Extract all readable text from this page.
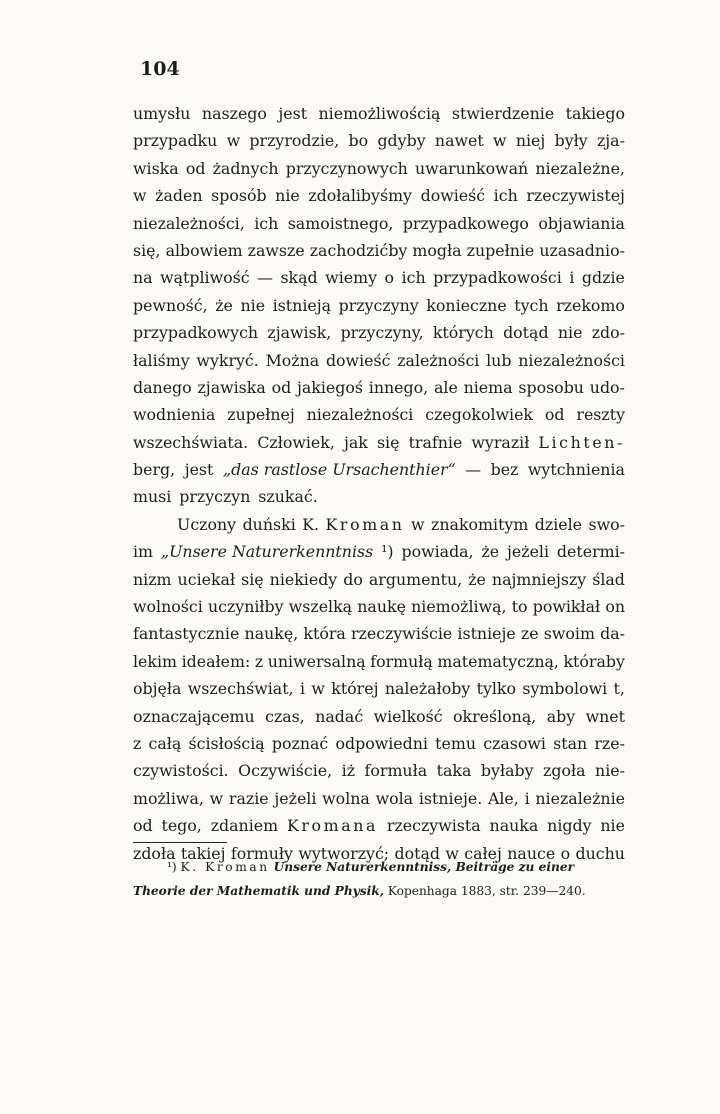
104
umysłu naszego jest niemożliwością stwierdzenie takiego
przypadku w przyrodzie, bo gdyby nawet w niej były zja-
wiska od żadnych przyczynowych uwarunkowań niezależne,
w żaden sposób nie zdołalibyśmy dowieść ich rzeczywistej
niezależności, ich samoistnego, przypadkowego objawiania
się, albowiem zawsze zachodzićby mogła zupełnie uzasadnio-
na wątpliwość — skąd wiemy o ich przypadkowości i gdzie
pewność, że nie istnieją przyczyny konieczne tych rzekomo
przypadkowych zjawisk, przyczyny, których dotąd nie zdo-
łaliśmy wykryć. Można dowieść zależności lub niezależności
danego zjawiska od jakiegoś innego, ale niema sposobu udo-
wodnienia zupełnej niezależności czegokolwiek od reszty
wszechświata. Człowiek, jak się trafnie wyraził Lichten-
berg, jest „das rastlose Ursachenthier“ — bez wytchnienia
musi przyczyn szukać.
Uczony duński K. Kroman w znakomitym dziele swo-
im „Unsere Naturerkenntniss ¹) powiada, że jeżeli determi-
nizm uciekał się niekiedy do argumentu, że najmniejszy ślad
wolności uczyniłby wszelką naukę niemożliwą, to powikłał on
fantastycznie naukę, która rzeczywiście istnieje ze swoim da-
lekim ideałem: z uniwersalną formułą matematyczną, któraby
objęła wszechświat, i w której należałoby tylko symbolowi t,
oznaczającemu czas, nadać wielkość określoną, aby wnet
z całą ścisłością poznać odpowiedni temu czasowi stan rze-
czywistości. Oczywiście, iż formuła taka byłaby zgoła nie-
możliwa, w razie jeżeli wolna wola istnieje. Ale, i niezależnie
od tego, zdaniem Kromana rzeczywista nauka nigdy nie
zdoła takiej formuły wytworzyć; dotąd w całej nauce o duchu
¹) K. Kroman Unsere Naturerkenntniss, Beiträge zu einer
Theorie der Mathematik und Physik, Kopenhaga 1883, str. 239—240.
